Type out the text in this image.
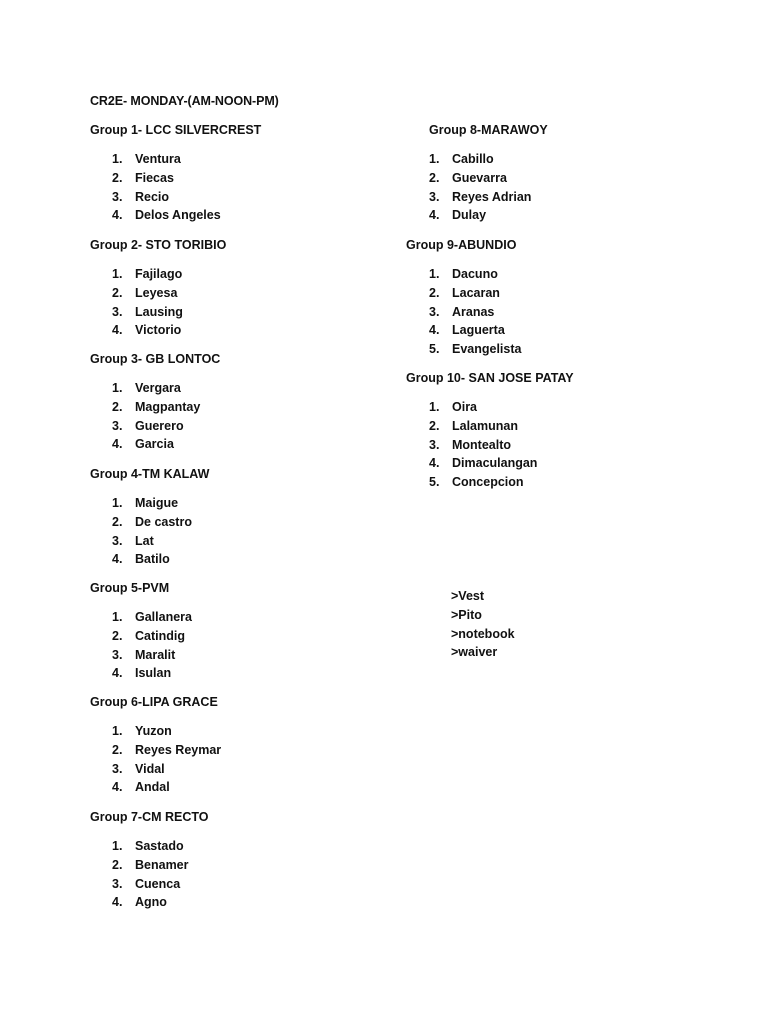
CR2E- MONDAY-(AM-NOON-PM)
Group 1- LCC SILVERCREST
1.	Ventura
2.	Fiecas
3.	Recio
4.	Delos Angeles
Group 2- STO TORIBIO
1.	Fajilago
2.	Leyesa
3.	Lausing
4.	Victorio
Group 3- GB LONTOC
1.	Vergara
2.	Magpantay
3.	Guerero
4.	Garcia
Group 4-TM KALAW
1.	Maigue
2.	De castro
3.	Lat
4.	Batilo
Group 5-PVM
1.	Gallanera
2.	Catindig
3.	Maralit
4.	Isulan
Group 6-LIPA GRACE
1.	Yuzon
2.	Reyes Reymar
3.	Vidal
4.	Andal
Group 7-CM RECTO
1.	Sastado
2.	Benamer
3.	Cuenca
4.	Agno
Group 8-MARAWOY
1.	Cabillo
2.	Guevarra
3.	Reyes Adrian
4.	Dulay
Group 9-ABUNDIO
1.	Dacuno
2.	Lacaran
3.	Aranas
4.	Laguerta
5.	Evangelista
Group 10- SAN JOSE PATAY
1.	Oira
2.	Lalamunan
3.	Montealto
4.	Dimaculangan
5.	Concepcion
>Vest
>Pito
>notebook
>waiver
